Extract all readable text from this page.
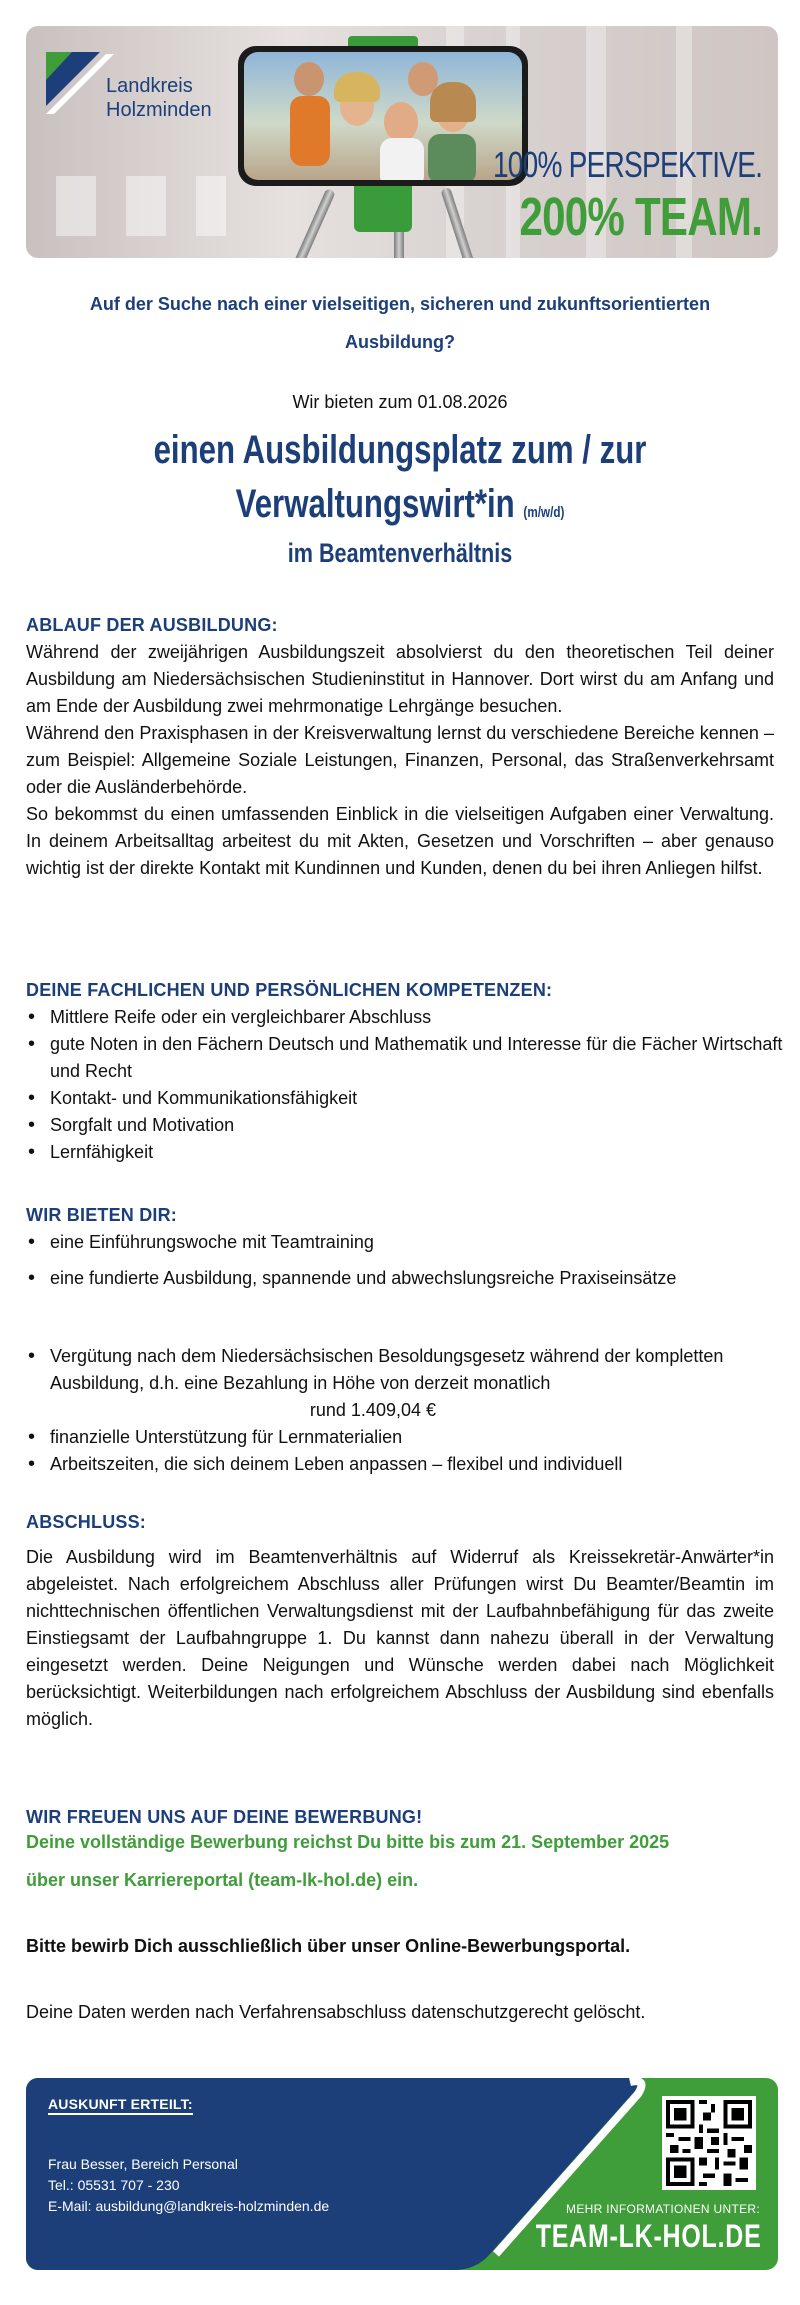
Landkreis
Holzminden
100% PERSPEKTIVE.
200% TEAM.
Auf der Suche nach einer vielseitigen, sicheren und zukunftsorientierten
Ausbildung?
Wir bieten zum 01.08.2026
einen Ausbildungsplatz zum / zur
Verwaltungswirt*in (m/w/d)
im Beamtenverhältnis
ABLAUF DER AUSBILDUNG:

Während der zweijährigen Ausbildungszeit absolvierst du den theoretischen Teil deiner Ausbildung am Niedersächsischen Studieninstitut in Hannover. Dort wirst du am Anfang und am Ende der Ausbildung zwei mehrmonatige Lehrgänge besuchen.

Während den Praxisphasen in der Kreisverwaltung lernst du verschiedene Bereiche kennen – zum Beispiel: Allgemeine Soziale Leistungen, Finanzen, Personal, das Straßenverkehrsamt oder die Ausländerbehörde.

So bekommst du einen umfassenden Einblick in die vielseitigen Aufgaben einer Verwaltung. In deinem Arbeitsalltag arbeitest du mit Akten, Gesetzen und Vorschriften – aber genauso wichtig ist der direkte Kontakt mit Kundinnen und Kunden, denen du bei ihren Anliegen hilfst.

DEINE FACHLICHEN UND PERSÖNLICHEN KOMPETENZEN:
• Mittlere Reife oder ein vergleichbarer Abschluss
• gute Noten in den Fächern Deutsch und Mathematik und Interesse für die Fächer Wirtschaft und Recht
• Kontakt- und Kommunikationsfähigkeit
• Sorgfalt und Motivation
• Lernfähigkeit
WIR BIETEN DIR:
• eine Einführungswoche mit Teamtraining
• eine fundierte Ausbildung, spannende und abwechslungsreiche Praxiseinsätze
• Vergütung nach dem Niedersächsischen Besoldungsgesetz während der kompletten Ausbildung, d.h. eine Bezahlung in Höhe von derzeit monatlich
rund 1.409,04 €
• finanzielle Unterstützung für Lernmaterialien
• Arbeitszeiten, die sich deinem Leben anpassen – flexibel und individuell
ABSCHLUSS:
Die Ausbildung wird im Beamtenverhältnis auf Widerruf als Kreissekretär-Anwärter*in abgeleistet. Nach erfolgreichem Abschluss aller Prüfungen wirst Du Beamter/Beamtin im nichttechnischen öffentlichen Verwaltungsdienst mit der Laufbahnbefähigung für das zweite Einstiegsamt der Laufbahngruppe 1. Du kannst dann nahezu überall in der Verwaltung eingesetzt werden. Deine Neigungen und Wünsche werden dabei nach Möglichkeit berücksichtigt. Weiterbildungen nach erfolgreichem Abschluss der Ausbildung sind ebenfalls möglich.
WIR FREUEN UNS AUF DEINE BEWERBUNG!
Deine vollständige Bewerbung reichst Du bitte bis zum 21. September 2025
über unser Karriereportal (team-lk-hol.de) ein.
Bitte bewirb Dich ausschließlich über unser Online-Bewerbungsportal.
Deine Daten werden nach Verfahrensabschluss datenschutzgerecht gelöscht.
AUSKUNFT ERTEILT:
Frau Besser, Bereich Personal
Tel.: 05531 707 - 230
E-Mail: ausbildung@landkreis-holzminden.de	MEHR INFORMATIONEN UNTER:
TEAM-LK-HOL.DE
